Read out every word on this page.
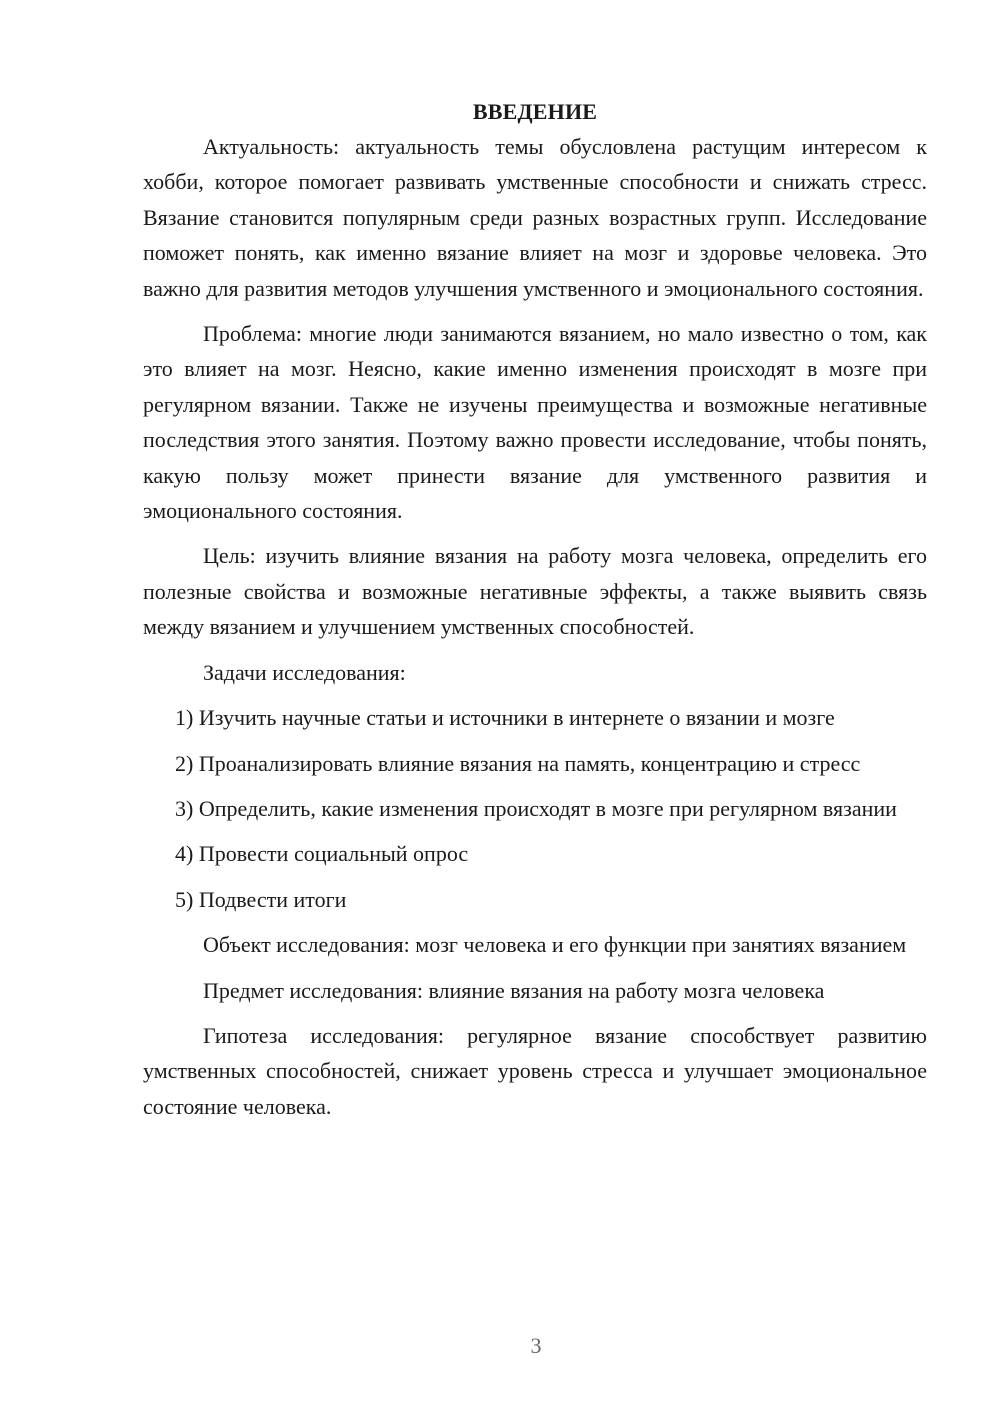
ВВЕДЕНИЕ

Актуальность: актуальность темы обусловлена растущим интересом к хобби, которое помогает развивать умственные способности и снижать стресс. Вязание становится популярным среди разных возрастных групп. Исследование поможет понять, как именно вязание влияет на мозг и здоровье человека. Это важно для развития методов улучшения умственного и эмоционального состояния.

Проблема: многие люди занимаются вязанием, но мало известно о том, как это влияет на мозг. Неясно, какие именно изменения происходят в мозге при регулярном вязании. Также не изучены преимущества и возможные негативные последствия этого занятия. Поэтому важно провести исследование, чтобы понять, какую пользу может принести вязание для умственного развития и эмоционального состояния.

Цель: изучить влияние вязания на работу мозга человека, определить его полезные свойства и возможные негативные эффекты, а также выявить связь между вязанием и улучшением умственных способностей.

Задачи исследования:

1) Изучить научные статьи и источники в интернете о вязании и мозге

2) Проанализировать влияние вязания на память, концентрацию и стресс

3) Определить, какие изменения происходят в мозге при регулярном вязании

4) Провести социальный опрос

5) Подвести итоги

Объект исследования: мозг человека и его функции при занятиях вязанием

Предмет исследования: влияние вязания на работу мозга человека

Гипотеза исследования: регулярное вязание способствует развитию умственных способностей, снижает уровень стресса и улучшает эмоциональное состояние человека.

3
